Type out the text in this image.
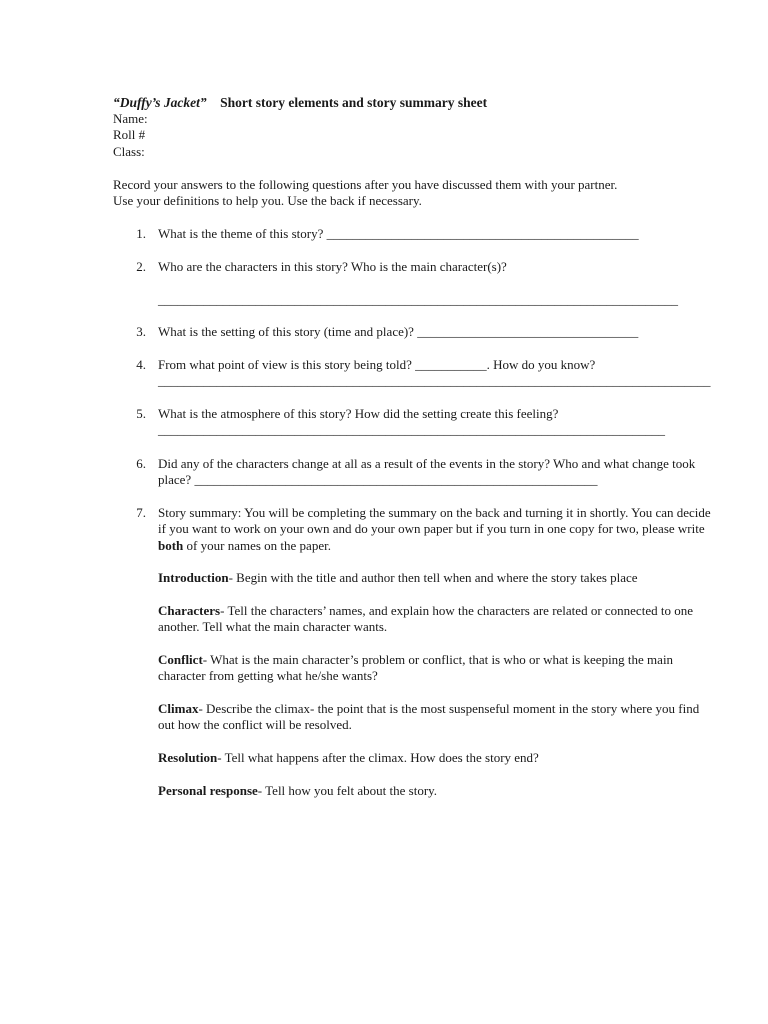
“Duffy’s Jacket” Short story elements and story summary sheet
Name:
Roll #
Class:
Record your answers to the following questions after you have discussed them with your partner.
Use your definitions to help you. Use the back if necessary.
1. What is the theme of this story? ________________________________________________
2. Who are the characters in this story? Who is the main character(s)?
________________________________________________________________________________
3. What is the setting of this story (time and place)? __________________________________
4. From what point of view is this story being told? ___________. How do you know?
_____________________________________________________________________________________
5. What is the atmosphere of this story? How did the setting create this feeling?
______________________________________________________________________________
6. Did any of the characters change at all as a result of the events in the story? Who and what change took
place? ______________________________________________________________
7. Story summary: You will be completing the summary on the back and turning it in shortly. You can decide
if you want to work on your own and do your own paper but if you turn in one copy for two, please write
both of your names on the paper.
Introduction- Begin with the title and author then tell when and where the story takes place
Characters- Tell the characters’ names, and explain how the characters are related or connected to one
another. Tell what the main character wants.
Conflict- What is the main character’s problem or conflict, that is who or what is keeping the main
character from getting what he/she wants?
Climax- Describe the climax- the point that is the most suspenseful moment in the story where you find
out how the conflict will be resolved.
Resolution- Tell what happens after the climax. How does the story end?
Personal response- Tell how you felt about the story.
